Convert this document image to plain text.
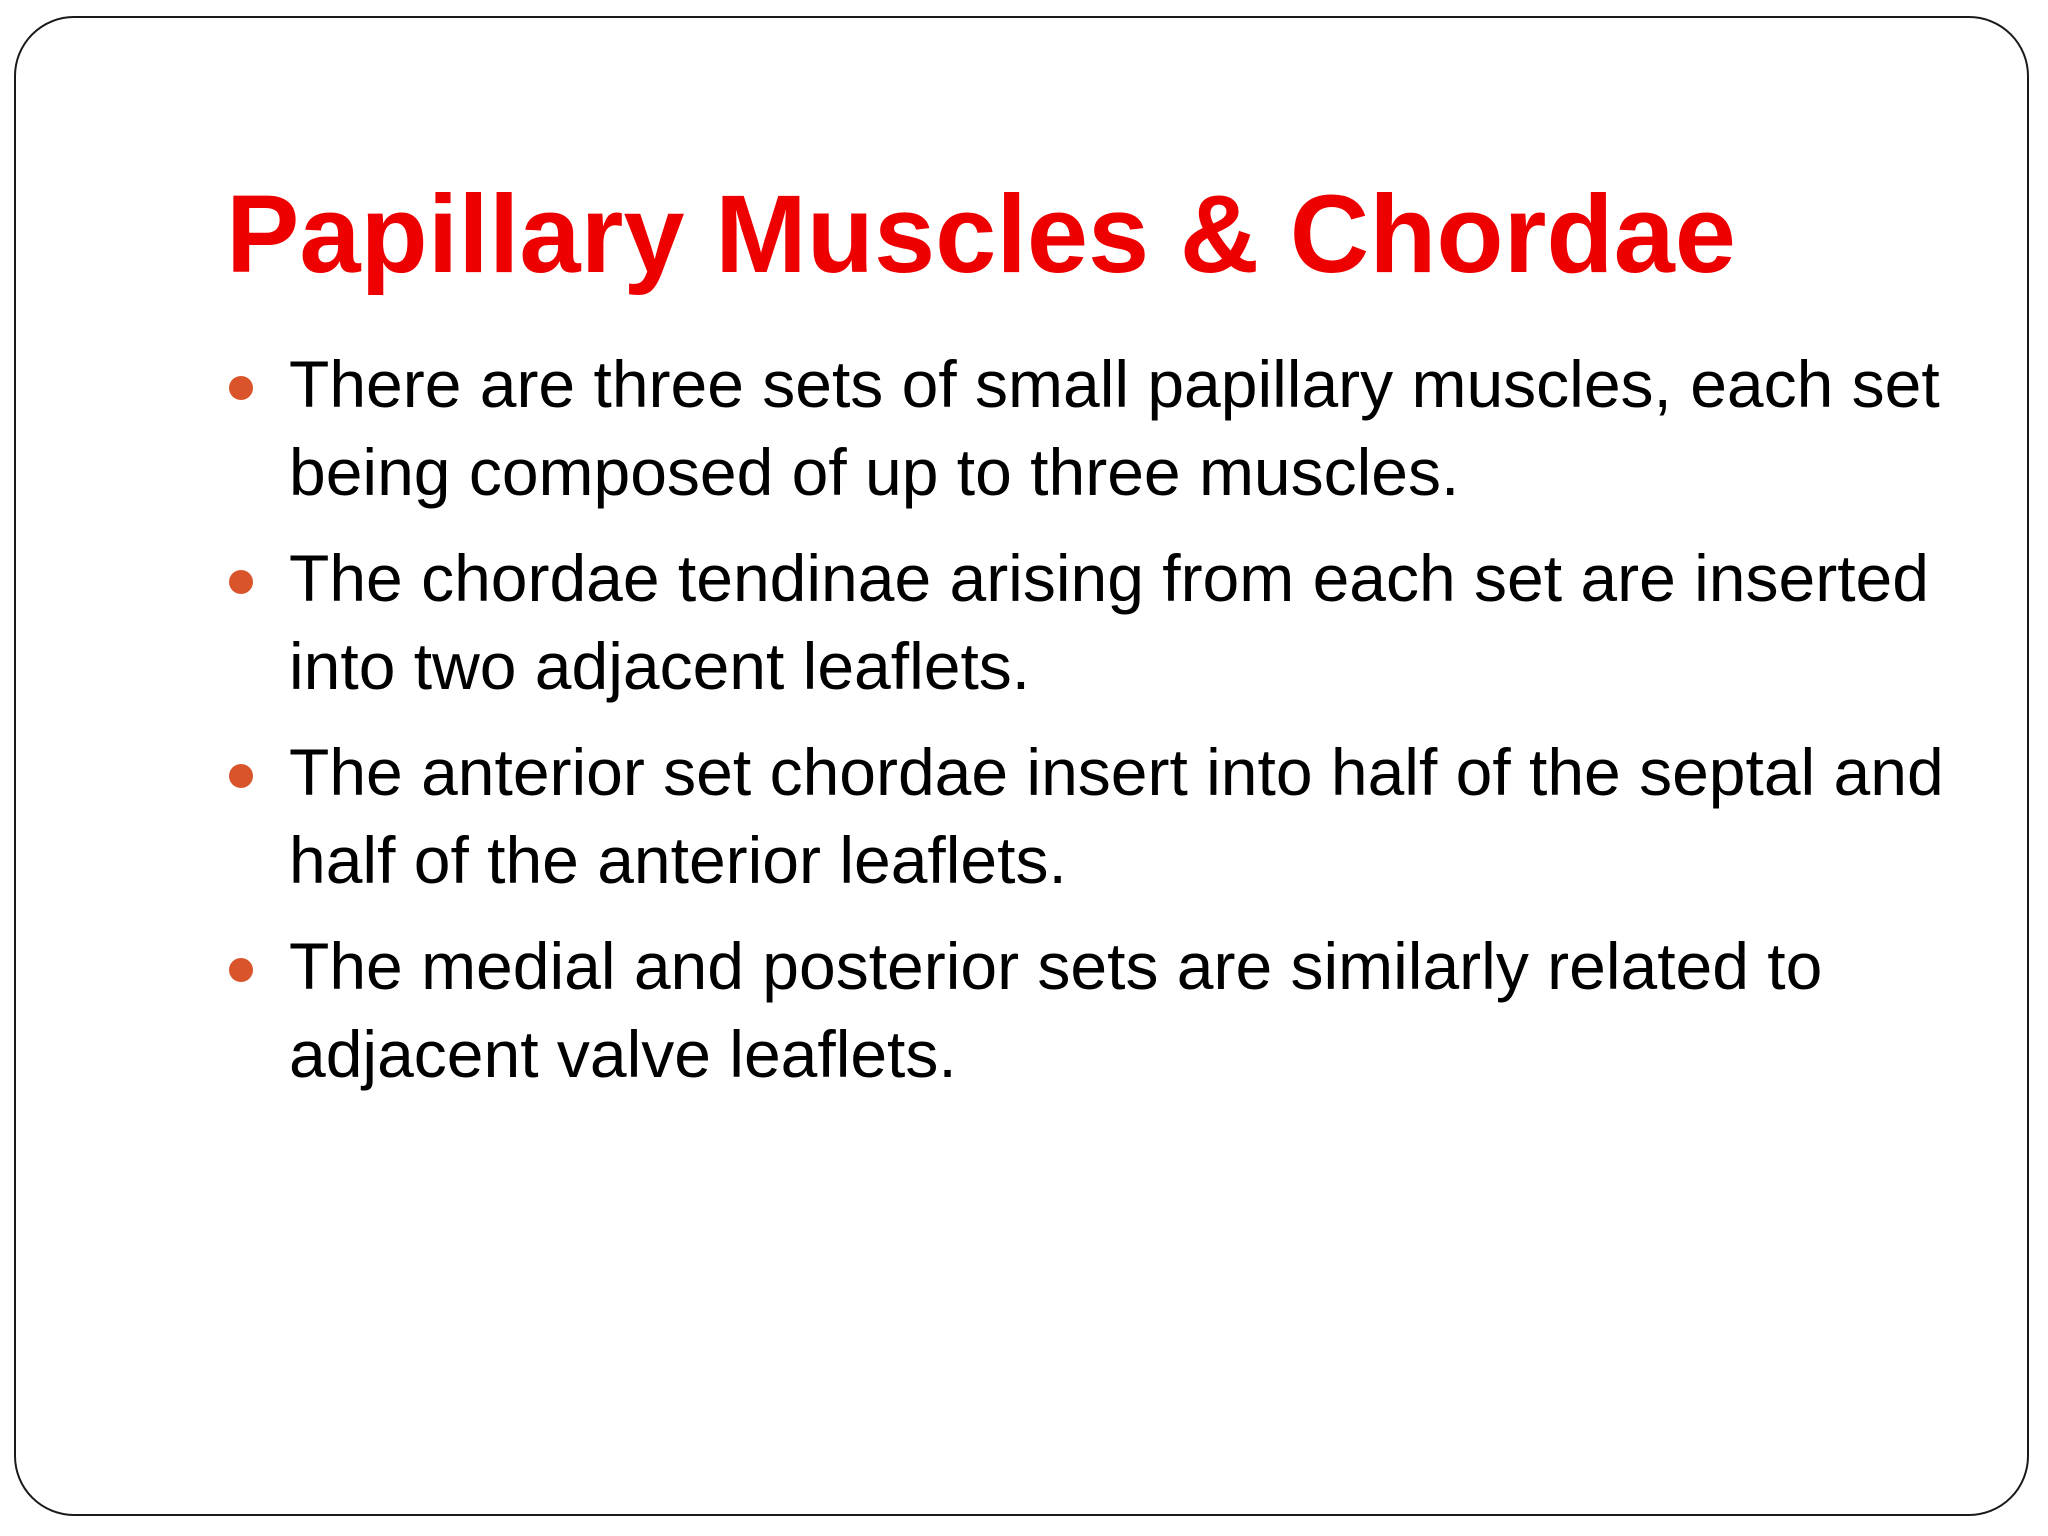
Papillary Muscles & Chordae
There are three sets of small papillary muscles, each set being composed of up to three muscles.
The chordae tendinae arising from each set are inserted into two adjacent leaflets.
The anterior set chordae insert into half of the septal and half of the anterior leaflets.
The medial and posterior sets are similarly related to adjacent valve leaflets.
